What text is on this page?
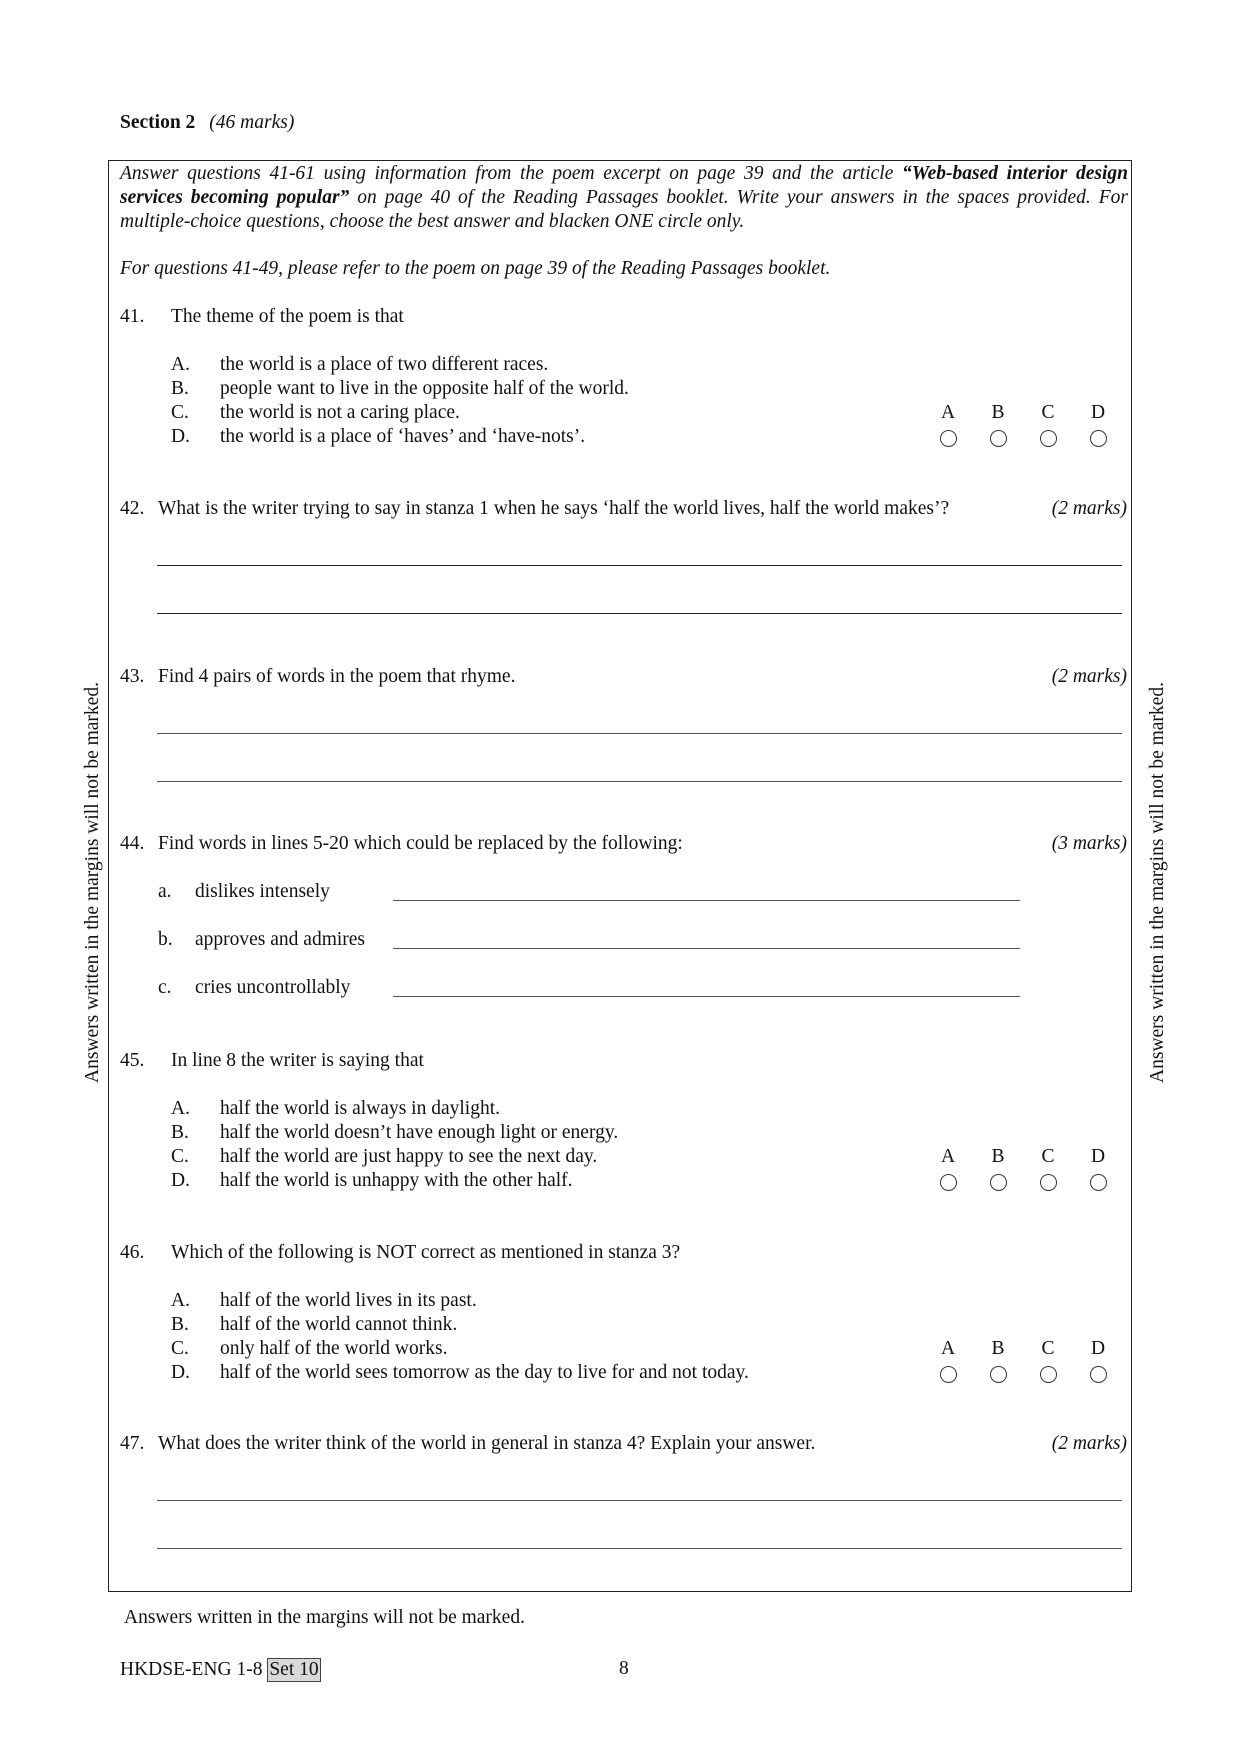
Section 2 (46 marks)
Answers written in the margins will not be marked.	Answers written in the margins will not be marked.
Answer questions 41-61 using information from the poem excerpt on page 39 and the article “Web-based interior design services becoming popular” on page 40 of the Reading Passages booklet. Write your answers in the spaces provided. For multiple-choice questions, choose the best answer and blacken ONE circle only.
For questions 41-49, please refer to the poem on page 39 of the Reading Passages booklet.
41. The theme of the poem is that
A. the world is a place of two different races.
B. people want to live in the opposite half of the world.
C. the world is not a caring place.
D. the world is a place of ‘haves’ and ‘have-nots’.
A B C D
42. What is the writer trying to say in stanza 1 when he says ‘half the world lives, half the world makes’?	(2 marks)
43. Find 4 pairs of words in the poem that rhyme.	(2 marks)
44. Find words in lines 5-20 which could be replaced by the following:	(3 marks)
a. dislikes intensely
b. approves and admires
c. cries uncontrollably
45. In line 8 the writer is saying that
A. half the world is always in daylight.
B. half the world doesn’t have enough light or energy.
C. half the world are just happy to see the next day.
D. half the world is unhappy with the other half.
A B C D
46. Which of the following is NOT correct as mentioned in stanza 3?
A. half of the world lives in its past.
B. half of the world cannot think.
C. only half of the world works.
D. half of the world sees tomorrow as the day to live for and not today.
A B C D
47. What does the writer think of the world in general in stanza 4? Explain your answer.	(2 marks)
Answers written in the margins will not be marked.
HKDSE-ENG 1-8 Set 10	8
